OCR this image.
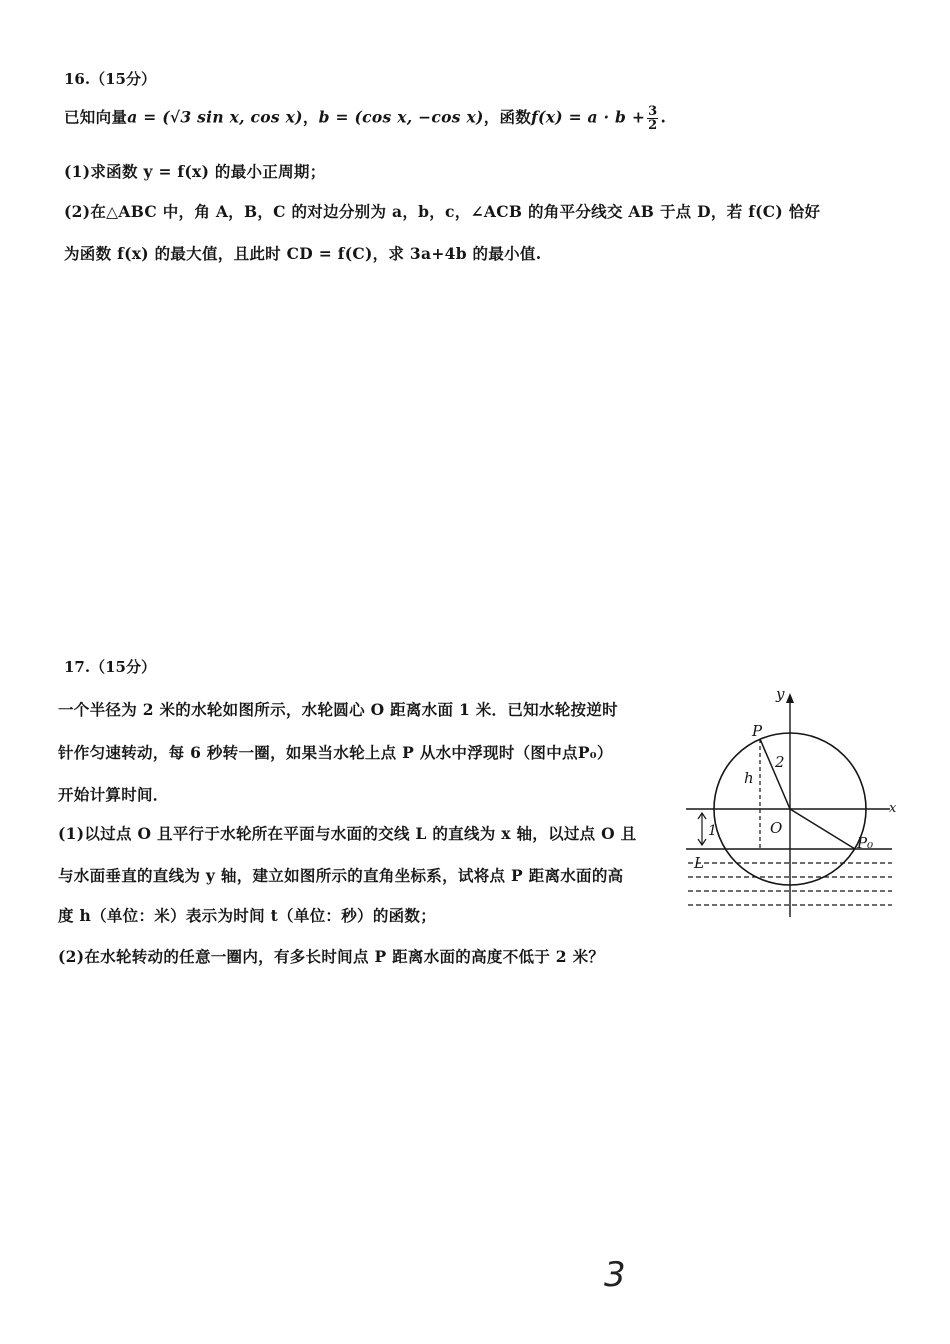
16.（15分）
已知向量a = (√3 sin x, cos x)，b = (cos x, −cos x)，函数$f(x) = a \cdot b + \frac{3}{2}$ .
(1)求函数 y = f(x) 的最小正周期；
(2)在△ABC 中，角 A，B，C 的对边分别为 a，b，c，∠ACB 的角平分线交 AB 于点 D，若 f(C) 恰好
为函数 f(x) 的最大值，且此时 CD = f(C)，求 3a+4b 的最小值.
17.（15分）
一个半径为 2 米的水轮如图所示，水轮圆心 O 距离水面 1 米．已知水轮按逆时
针作匀速转动，每 6 秒转一圈，如果当水轮上点 P 从水中浮现时（图中点P₀）
开始计算时间．
(1)以过点 O 且平行于水轮所在平面与水面的交线 L 的直线为 x 轴，以过点 O 且
与水面垂直的直线为 y 轴，建立如图所示的直角坐标系，试将点 P 距离水面的高
度 h（单位：米）表示为时间 t（单位：秒）的函数；
(2)在水轮转动的任意一圈内，有多长时间点 P 距离水面的高度不低于 2 米？
y
x
P
P₀
O
h
2
1
L
3
